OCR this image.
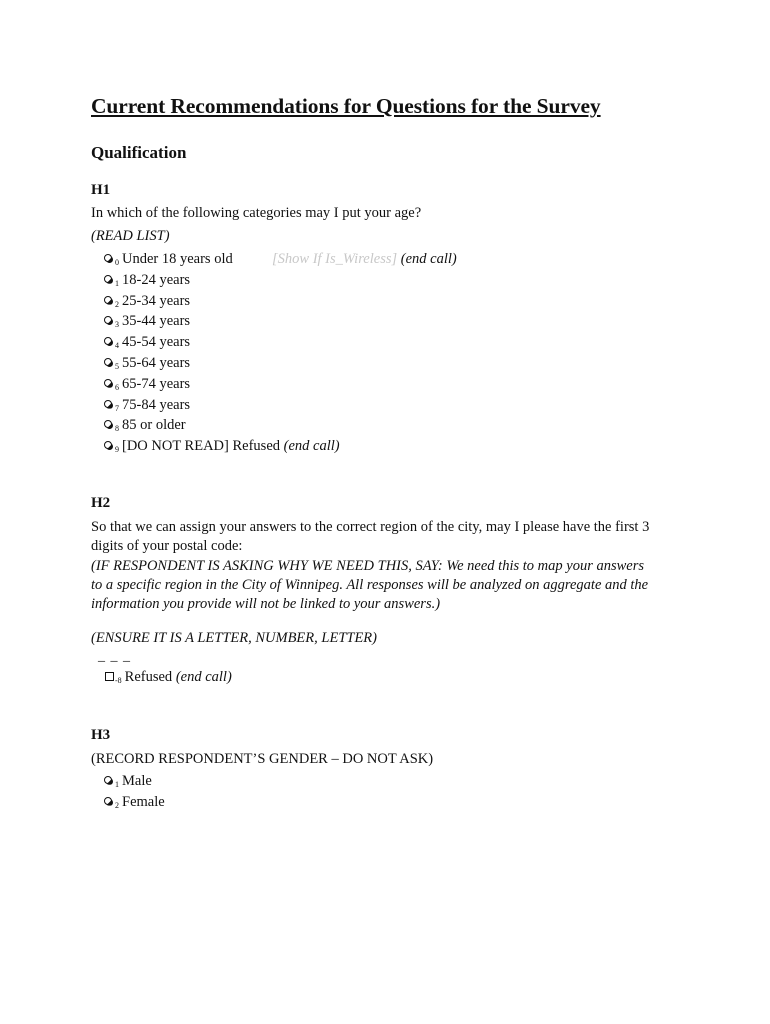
Current Recommendations for Questions for the Survey
Qualification
H1
In which of the following categories may I put your age?
(READ LIST)
$_0$ Under 18 years old	[Show If Is_Wireless] (end call)
$_1$ 18-24 years
$_2$ 25-34 years
$_3$ 35-44 years
$_4$ 45-54 years
$_5$ 55-64 years
$_6$ 65-74 years
$_7$ 75-84 years
$_8$ 85 or older
$_9$ [DO NOT READ] Refused (end call)
H2
So that we can assign your answers to the correct region of the city, may I please have the first 3
digits of your postal code:
(IF RESPONDENT IS ASKING WHY WE NEED THIS, SAY: We need this to map your answers
to a specific region in the City of Winnipeg. All responses will be analyzed on aggregate and the
information you provide will not be linked to your answers.)
(ENSURE IT IS A LETTER, NUMBER, LETTER)
_ _ _
$_{-8}$ Refused (end call)
H3
(RECORD RESPONDENT’S GENDER – DO NOT ASK)
$_1$ Male
$_2$ Female
